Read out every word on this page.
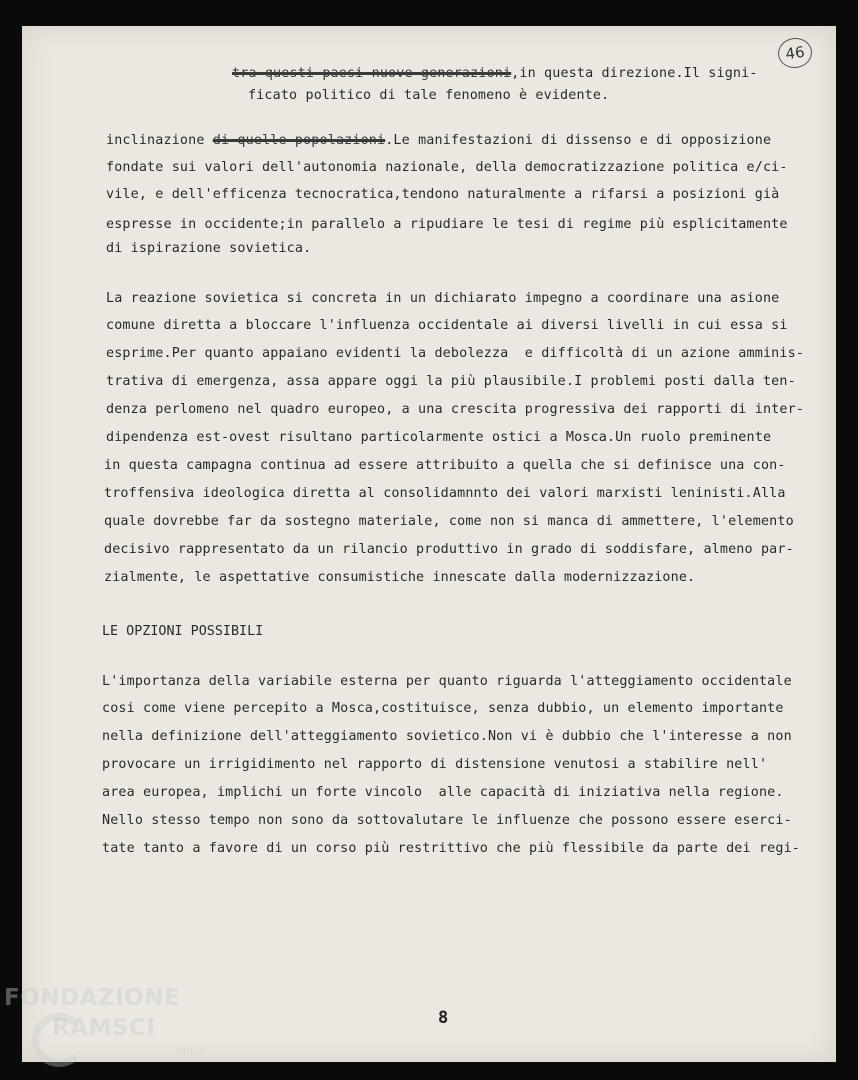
46
tra questi paesi nuove generazioni,in questa direzione.Il signi-
ficato politico di tale fenomeno è evidente.
inclinazione di quelle popolazioni.Le manifestazioni di dissenso e di opposizione
fondate sui valori dell'autonomia nazionale, della democratizzazione politica e/ci-
vile, e dell'efficenza tecnocratica,tendono naturalmente a rifarsi a posizioni già
espresse in occidente;in parallelo a ripudiare le tesi di regime più esplicitamente
di ispirazione sovietica.
La reazione sovietica si concreta in un dichiarato impegno a coordinare una asione
comune diretta a bloccare l'influenza occidentale ai diversi livelli in cui essa si
esprime.Per quanto appaiano evidenti la debolezza  e difficoltà di un azione amminis-
trativa di emergenza, assa appare oggi la più plausibile.I problemi posti dalla ten-
denza perlomeno nel quadro europeo, a una crescita progressiva dei rapporti di inter-
dipendenza est-ovest risultano particolarmente ostici a Mosca.Un ruolo preminente
in questa campagna continua ad essere attribuito a quella che si definisce una con-
troffensiva ideologica diretta al consolidamnnto dei valori marxisti leninisti.Alla
quale dovrebbe far da sostegno materiale, come non si manca di ammettere, l'elemento
decisivo rappresentato da un rilancio produttivo in grado di soddisfare, almeno par-
zialmente, le aspettative consumistiche innescate dalla modernizzazione.
LE OPZIONI POSSIBILI
L'importanza della variabile esterna per quanto riguarda l'atteggiamento occidentale
cosi come viene percepito a Mosca,costituisce, senza dubbio, un elemento importante
nella definizione dell'atteggiamento sovietico.Non vi è dubbio che l'interesse a non
provocare un irrigidimento nel rapporto di distensione venutosi a stabilire nell'
area europea, implichi un forte vincolo  alle capacità di iniziativa nella regione.
Nello stesso tempo non sono da sottovalutare le influenze che possono essere eserci-
tate tanto a favore di un corso più restrittivo che più flessibile da parte dei regi-
8
FONDAZIONE
RAMSCI
onlus
